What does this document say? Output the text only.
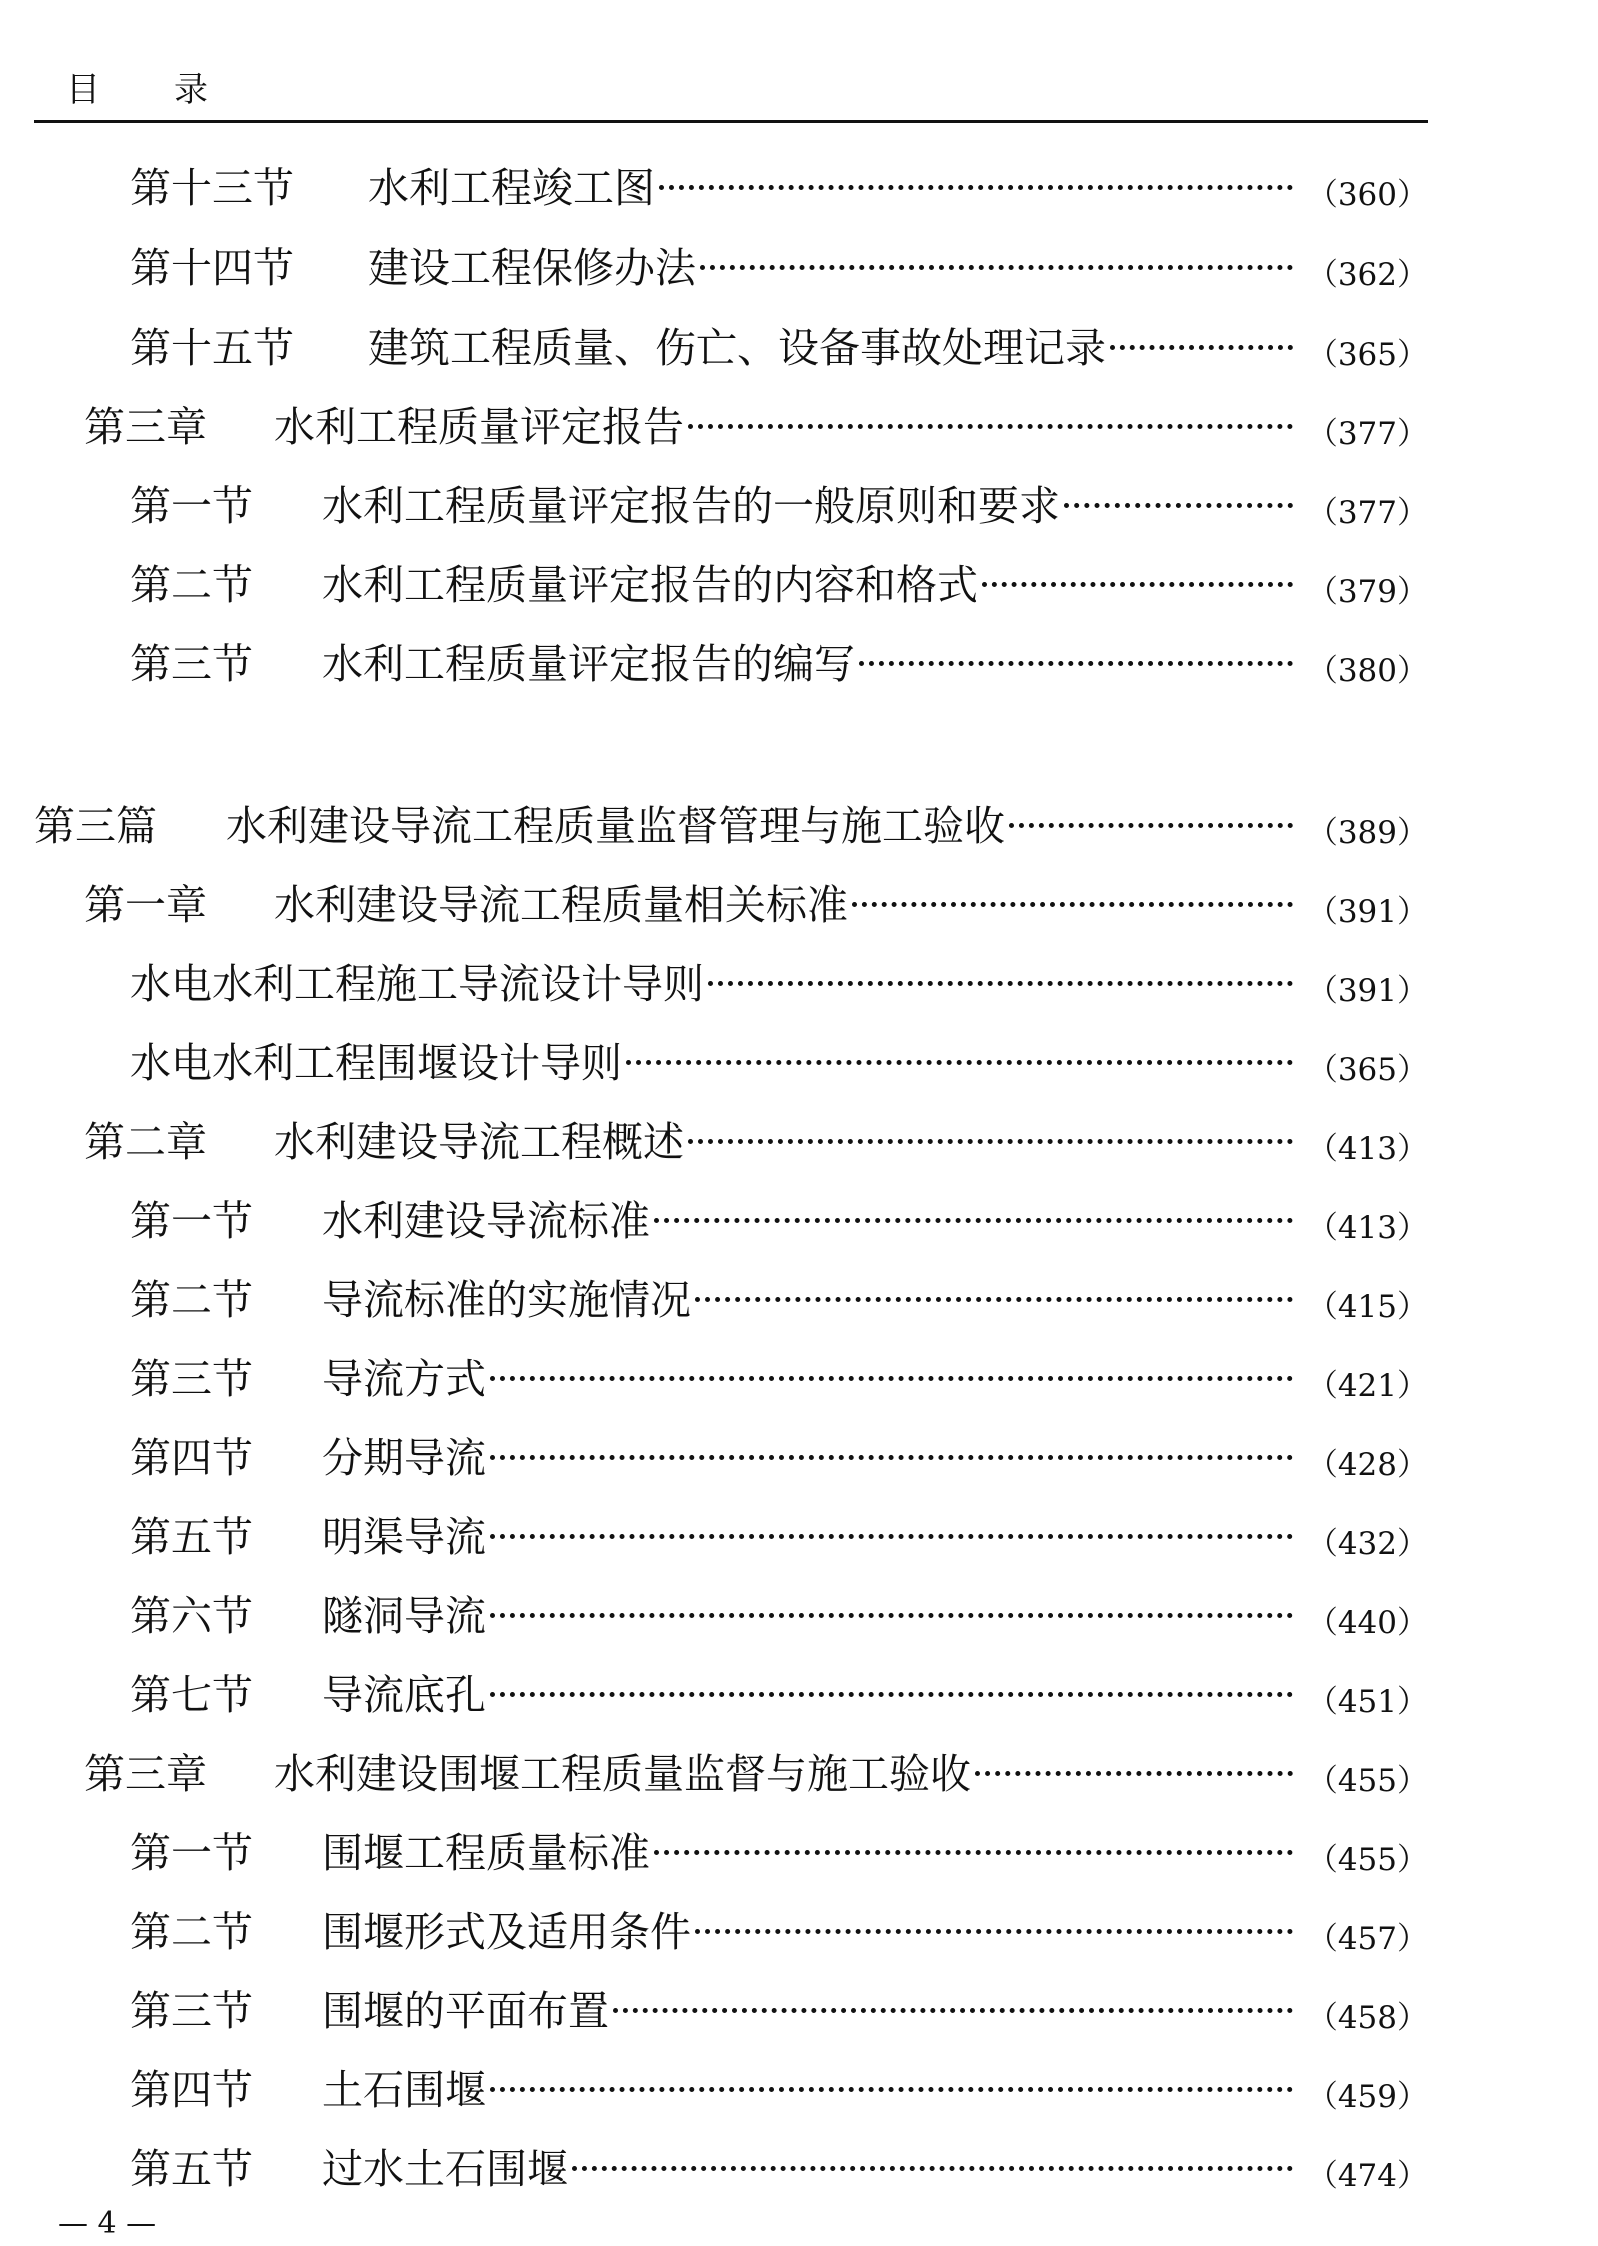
目 录
第十三节	水利工程竣工图	（360）
第十四节	建设工程保修办法	（362）
第十五节	建筑工程质量、伤亡、设备事故处理记录	（365）
第三章	水利工程质量评定报告	（377）
第一节	水利工程质量评定报告的一般原则和要求	（377）
第二节	水利工程质量评定报告的内容和格式	（379）
第三节	水利工程质量评定报告的编写	（380）
第三篇	水利建设导流工程质量监督管理与施工验收	（389）
第一章	水利建设导流工程质量相关标准	（391）
水电水利工程施工导流设计导则	（391）
水电水利工程围堰设计导则	（365）
第二章	水利建设导流工程概述	（413）
第一节	水利建设导流标准	（413）
第二节	导流标准的实施情况	（415）
第三节	导流方式	（421）
第四节	分期导流	（428）
第五节	明渠导流	（432）
第六节	隧洞导流	（440）
第七节	导流底孔	（451）
第三章	水利建设围堰工程质量监督与施工验收	（455）
第一节	围堰工程质量标准	（455）
第二节	围堰形式及适用条件	（457）
第三节	围堰的平面布置	（458）
第四节	土石围堰	（459）
第五节	过水土石围堰	（474）
— 4 —
